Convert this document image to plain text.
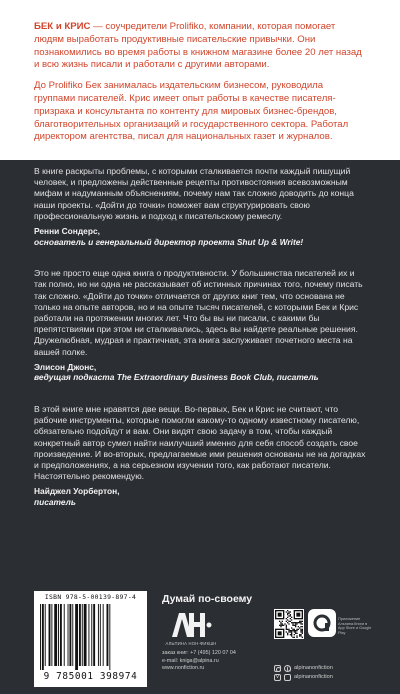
БЕК и КРИС — соучредители Prolifiko, компании, которая помогает людям выработать продуктивные писательские привычки. Они познакомились во время работы в книжном магазине более 20 лет назад и всю жизнь писали и работали с другими авторами.

До Prolifiko Бек занималась издательским бизнесом, руководила группами писателей. Крис имеет опыт работы в качестве писателя-призрака и консультанта по контенту для мировых бизнес-брендов, благотворительных организаций и государственного сектора. Работал директором агентства, писал для национальных газет и журналов.

В книге раскрыты проблемы, с которыми сталкивается почти каждый пишущий человек, и предложены действенные рецепты противостояния всевозможным мифам и надуманным объяснениям, почему нам так сложно доводить до конца наши проекты. «Дойти до точки» поможет вам структурировать свою профессиональную жизнь и подход к писательскому ремеслу.

Ренни Сондерс,

основатель и генеральный директор проекта Shut Up & Write!

Это не просто еще одна книга о продуктивности. У большинства писателей их и так полно, но ни одна не рассказывает об истинных причинах того, почему писать так сложно. «Дойти до точки» отличается от других книг тем, что основана не только на опыте авторов, но и на опыте тысяч писателей, с которыми Бек и Крис работали на протяжении многих лет. Что бы вы ни писали, с какими бы препятствиями при этом ни сталкивались, здесь вы найдете реальные решения. Дружелюбная, мудрая и практичная, эта книга заслуживает почетного места на вашей полке.

Элисон Джонс,

ведущая подкаста The Extraordinary Business Book Club, писатель

В этой книге мне нравятся две вещи. Во-первых, Бек и Крис не считают, что рабочие инструменты, которые помогли какому-то одному известному писателю, обязательно подойдут и вам. Они видят свою задачу в том, чтобы каждый конкретный автор сумел найти наилучший именно для себя способ создать свое произведение. И во-вторых, предлагаемые ими решения основаны не на догадках и предположениях, а на серьезном изучении того, как работают писатели. Настоятельно рекомендую.

Найджел Уорбертон,

писатель

ISBN 978-5-00139-897-4
9 785001 398974
Думай по-своему
АЛЬПИНА НОН-ФИКШН
заказ книг: +7 (495) 120 07 04
e-mail: kniga@alpina.ru
www.nonfiction.ru
Приложение Альпина.Книги в App Store и Google Play
alpinanonfiction
v
alpinanonfiction
